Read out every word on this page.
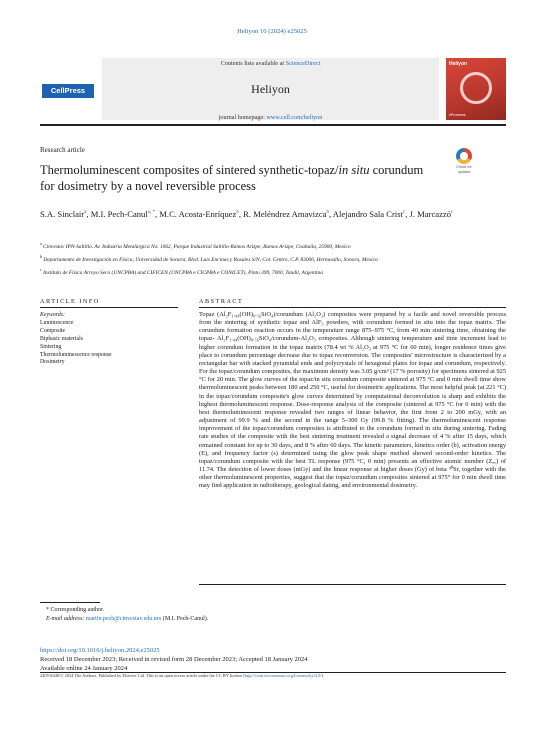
Heliyon 10 (2024) e25025
CellPress
Contents lists available at ScienceDirect
Heliyon
journal homepage: www.cell.com/heliyon
Heliyon
eProceses
Research article
Check for updates
Thermoluminescent composites of sintered synthetic-topaz/in situ corundum for dosimetry by a novel reversible process
S.A. Sinclair$^a$, M.I. Pech-Canul$^{a, *}$, M.C. Acosta-Enríquez$^b$, R. Meléndrez Amavizca$^b$, Alejandro Sala Crist$^c$, J. Marcazzó$^c$
$^a$ Cinvestav IPN-Saltillo. Av. Industria Metalúrgica No. 1062, Parque Industrial Saltillo-Ramos Arizpe, Ramos Arizpe, Coahuila, 25900, Mexico
$^b$ Departamento de Investigación en Física, Universidad de Sonora, Blvd. Luis Encinas y Rosales S/N, Col. Centro, C.P. 83000, Hermosillo, Sonora, Mexico
$^c$ Instituto de Física Arroyo Seco (UNCPBA) and CIFICEN (UNCPBA e CICPBA e CONICET), Pinto 399, 7000, Tandil, Argentina
ARTICLE INFO	ABSTRACT
Keywords:
Luminescence
Composite
Biphasic materials
Sintering
Thermoluminescence response
Dosimetry
Topaz (Al₂F₁.₄₄(OH)₀.₅₆SiO₄)/corundum (Al₂O₃) composites were prepared by a facile and novel reversible process from the sintering of synthetic topaz and AlF₃ powders, with corundum formed in situ into the topaz matrix. The corundum formation reaction occurs in the temperature range 875–975 °C, from 40 min sintering time, obtaining the topaz- Al₂F₁.₄₄(OH)₀.₅₆SiO₄/corundum-Al₂O₃ composites. Although sintering temperature and time increment lead to higher corundum formation in the topaz matrix (78.4 wt % Al₂O₃ at 975 °C for 60 min), longer residence times give place to corundum percentage decrease due to topaz reconversion. The composites' microstructure is characterized by a rectangular bar with stacked pyramidal ends and polycrystals of hexagonal plates for topaz and corundum, respectively. For the topaz/corundum composites, the maximum density was 3.05 g/cm³ (17 % porosity) for specimens sintered at 925 °C for 20 min. The glow curves of the topaz/in situ corundum composite sintered at 975 °C and 0 min dwell time show thermoluminescent peaks between 180 and 250 °C, useful for dosimetric applications. The most helpful peak (at 221 °C) in the topaz/corundum composite's glow curves determined by computational deconvolution is sharp and exhibits the highest thermoluminescent response. Dose-response analysis of the composite (sintered at 975 °C for 0 min) with the best thermoluminescent response revealed two ranges of linear behavior, the first from 2 to 200 mGy, with an adjustment of 99.9 % and the second in the range 5–300 Gy (99.8 % fitting). The thermoluminescent response improvement of the topaz/corundum composites is attributed to the corundum formed in situ during sintering. Fading rate studies of the composite with the best sintering treatment revealed a signal decrease of 4 % after 15 days, which remained constant for up to 30 days, and 8 % after 60 days. The kinetic parameters, kinetics order (b), activation energy (E), and frequency factor (s) determined using the glow peak shape method showed second-order kinetics. The topaz/corundum composite with the best TL response (975 °C, 0 min) presents an effective atomic number (Zₑ꜀) of 11.74. The detection of lower doses (mGy) and the linear response at higher doses (Gy) of beta ⁹⁰Sr, together with the other thermoluminescent properties, suggest that the topaz/corundum composites sintered at 975° for 0 min dwell time may find application in radiotherapy, geological dating, and environmental dosimetry.
* Corresponding author.
E-mail address: martin.pech@cinvestav.edu.mx (M.I. Pech-Canul).
https://doi.org/10.1016/j.heliyon.2024.e25025
Received 18 December 2023; Received in revised form 28 December 2023; Accepted 18 January 2024
Available online 24 January 2024
2405-8440/© 2024 The Authors. Published by Elsevier Ltd. This is an open access article under the CC BY license (http://creativecommons.org/licenses/by/4.0/).
